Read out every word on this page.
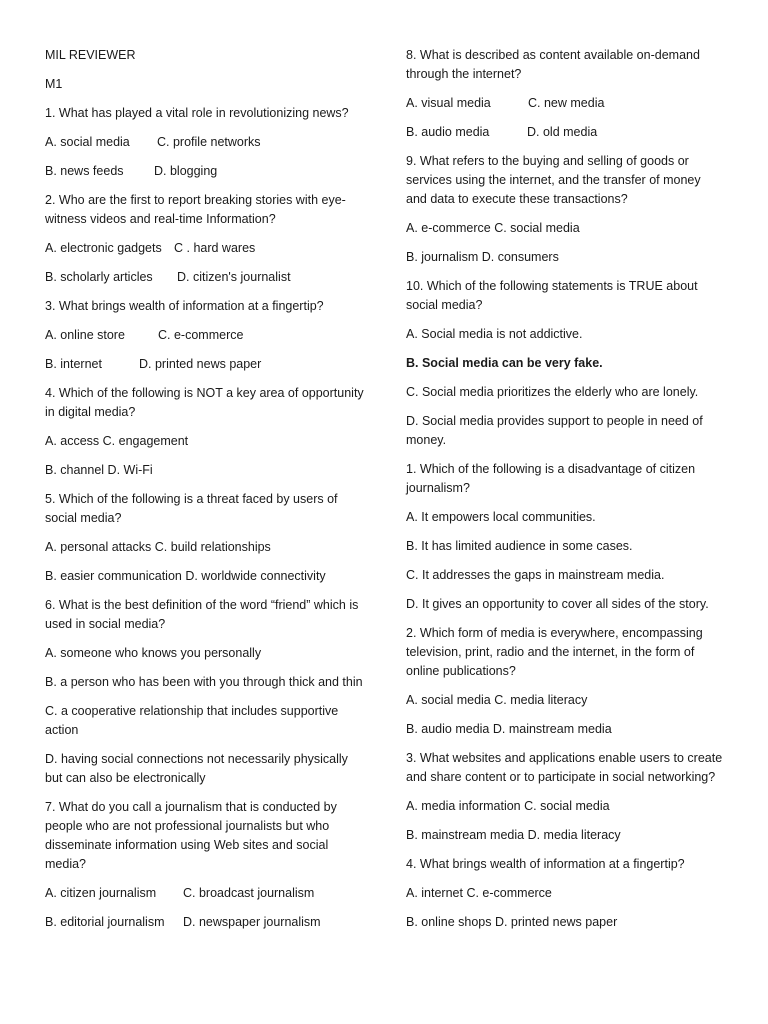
MIL REVIEWER

M1

1. What has played a vital role in revolutionizing news?

A. social media	C. profile networks
B. news feeds	D. blogging

2. Who are the first to report breaking stories with eye-witness videos and real-time Information?

A. electronic gadgets C . hard wares
B. scholarly articles	D. citizen's journalist

3. What brings wealth of information at a fingertip?

A. online store	C. e-commerce
B. internet	D. printed news paper

4. Which of the following is NOT a key area of opportunity in digital media?

A. access C. engagement

B. channel D. Wi-Fi

5. Which of the following is a threat faced by users of social media?

A. personal attacks C. build relationships

B. easier communication D. worldwide connectivity

6. What is the best definition of the word “friend” which is used in social media?

A. someone who knows you personally

B. a person who has been with you through thick and thin

C. a cooperative relationship that includes supportive action

D. having social connections not necessarily physically but can also be electronically

7. What do you call a journalism that is conducted by people who are not professional journalists but who disseminate information using Web sites and social media?

A. citizen journalism	C. broadcast journalism
B. editorial journalism	D. newspaper journalism

8. What is described as content available on-demand through the internet?

A. visual media	C. new media
B. audio media	D. old media

9. What refers to the buying and selling of goods or services using the internet, and the transfer of money and data to execute these transactions?

A. e-commerce C. social media

B. journalism D. consumers

10. Which of the following statements is TRUE about social media?

A. Social media is not addictive.

B. Social media can be very fake.

C. Social media prioritizes the elderly who are lonely.

D. Social media provides support to people in need of money.

1. Which of the following is a disadvantage of citizen journalism?

A. It empowers local communities.

B. It has limited audience in some cases.

C. It addresses the gaps in mainstream media.

D. It gives an opportunity to cover all sides of the story.

2. Which form of media is everywhere, encompassing television, print, radio and the internet, in the form of online publications?

A. social media C. media literacy

B. audio media D. mainstream media

3. What websites and applications enable users to create and share content or to participate in social networking?

A. media information C. social media

B. mainstream media D. media literacy

4. What brings wealth of information at a fingertip?

A. internet C. e-commerce

B. online shops D. printed news paper
